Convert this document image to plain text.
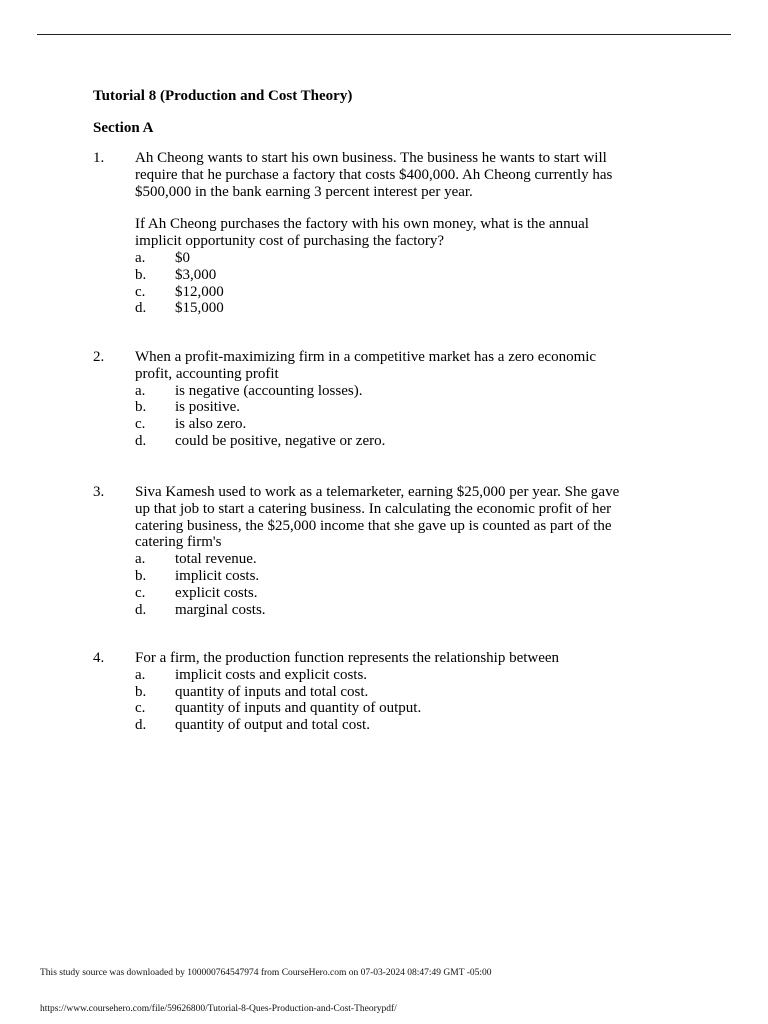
Tutorial 8 (Production and Cost Theory)
Section A
1.	Ah Cheong wants to start his own business. The business he wants to start will
require that he purchase a factory that costs $400,000. Ah Cheong currently has
$500,000 in the bank earning 3 percent interest per year.
If Ah Cheong purchases the factory with his own money, what is the annual
implicit opportunity cost of purchasing the factory?
a. $0
b. $3,000
c. $12,000
d. $15,000
2.	When a profit-maximizing firm in a competitive market has a zero economic
profit, accounting profit
a. is negative (accounting losses).
b. is positive.
c. is also zero.
d. could be positive, negative or zero.
3.	Siva Kamesh used to work as a telemarketer, earning $25,000 per year. She gave
up that job to start a catering business. In calculating the economic profit of her
catering business, the $25,000 income that she gave up is counted as part of the
catering firm's
a. total revenue.
b. implicit costs.
c. explicit costs.
d. marginal costs.
4.	For a firm, the production function represents the relationship between
a. implicit costs and explicit costs.
b. quantity of inputs and total cost.
c. quantity of inputs and quantity of output.
d. quantity of output and total cost.
This study source was downloaded by 100000764547974 from CourseHero.com on 07-03-2024 08:47:49 GMT -05:00
https://www.coursehero.com/file/59626800/Tutorial-8-Ques-Production-and-Cost-Theorypdf/
